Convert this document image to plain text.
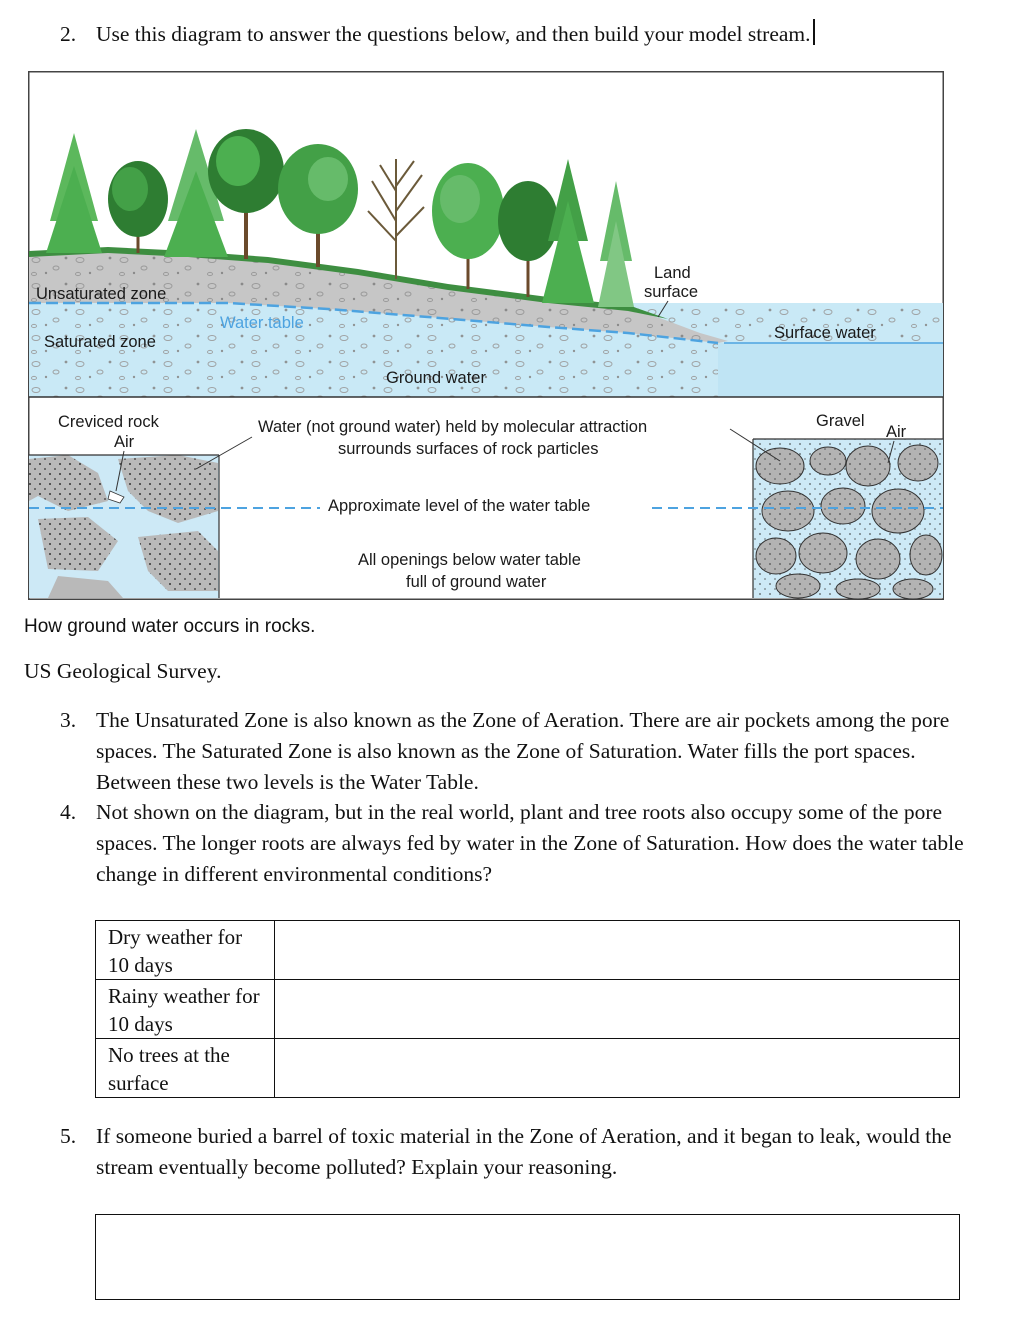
2. Use this diagram to answer the questions below, and then build your model stream.
Unsaturated zone
Water table
Saturated zone
Ground water
Land
surface
Surface water
Creviced rock
Air
Gravel
Air
Water (not ground water) held by molecular attraction
surrounds surfaces of rock particles
Approximate level of the water table
All openings below water table
full of ground water
How ground water occurs in rocks.
US Geological Survey.
3. The Unsaturated Zone is also known as the Zone of Aeration. There are air pockets among the pore spaces. The Saturated Zone is also known as the Zone of Saturation. Water fills the port spaces. Between these two levels is the Water Table.
4. Not shown on the diagram, but in the real world, plant and tree roots also occupy some of the pore spaces. The longer roots are always fed by water in the Zone of Saturation. How does the water table change in different environmental conditions?
Dry weather for 10 days	
Rainy weather for 10 days	
No trees at the surface	
5. If someone buried a barrel of toxic material in the Zone of Aeration, and it began to leak, would the stream eventually become polluted? Explain your reasoning.
